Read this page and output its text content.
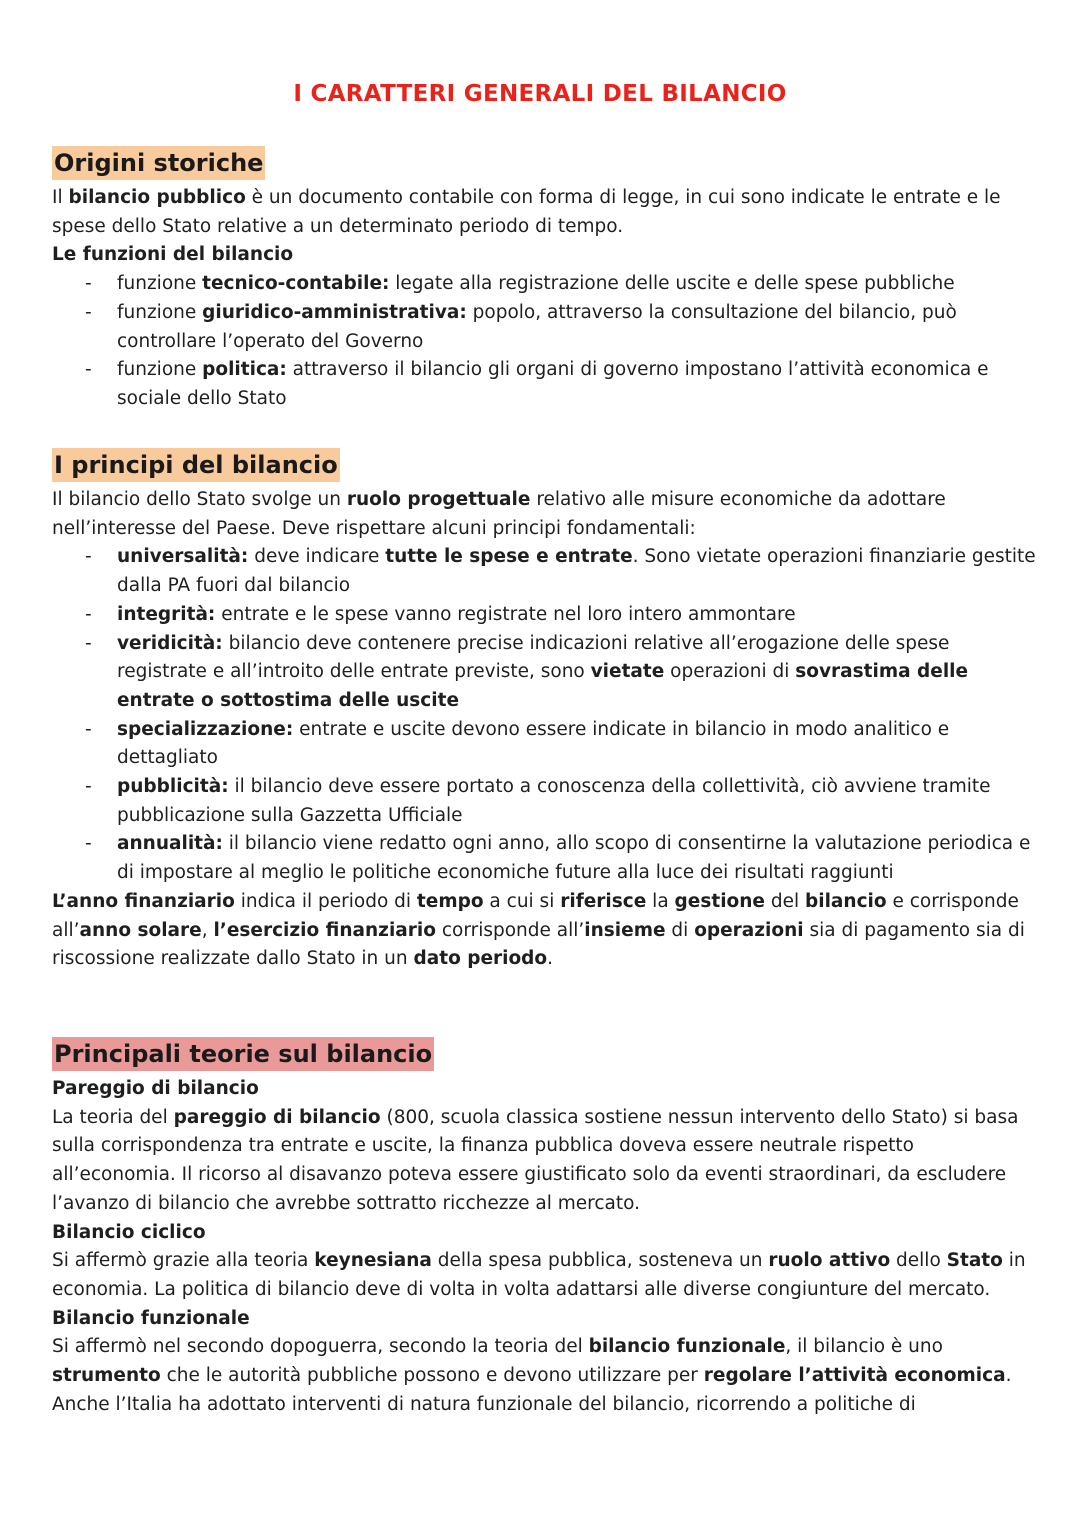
I CARATTERI GENERALI DEL BILANCIO
Origini storiche

Il bilancio pubblico è un documento contabile con forma di legge, in cui sono indicate le entrate e le spese dello Stato relative a un determinato periodo di tempo.

Le funzioni del bilancio

- funzione tecnico-contabile: legate alla registrazione delle uscite e delle spese pubbliche
- funzione giuridico-amministrativa: popolo, attraverso la consultazione del bilancio, può controllare l’operato del Governo
- funzione politica: attraverso il bilancio gli organi di governo impostano l’attività economica e sociale dello Stato
I principi del bilancio

Il bilancio dello Stato svolge un ruolo progettuale relativo alle misure economiche da adottare nell’interesse del Paese. Deve rispettare alcuni principi fondamentali:

- universalità: deve indicare tutte le spese e entrate. Sono vietate operazioni finanziarie gestite dalla PA fuori dal bilancio
- integrità: entrate e le spese vanno registrate nel loro intero ammontare
- veridicità: bilancio deve contenere precise indicazioni relative all’erogazione delle spese registrate e all’introito delle entrate previste, sono vietate operazioni di sovrastima delle entrate o sottostima delle uscite
- specializzazione: entrate e uscite devono essere indicate in bilancio in modo analitico e dettagliato
- pubblicità: il bilancio deve essere portato a conoscenza della collettività, ciò avviene tramite pubblicazione sulla Gazzetta Ufficiale
- annualità: il bilancio viene redatto ogni anno, allo scopo di consentirne la valutazione periodica e di impostare al meglio le politiche economiche future alla luce dei risultati raggiunti

L’anno finanziario indica il periodo di tempo a cui si riferisce la gestione del bilancio e corrisponde all’anno solare, l’esercizio finanziario corrisponde all’insieme di operazioni sia di pagamento sia di riscossione realizzate dallo Stato in un dato periodo.

Principali teorie sul bilancio

Pareggio di bilancio

La teoria del pareggio di bilancio (800, scuola classica sostiene nessun intervento dello Stato) si basa sulla corrispondenza tra entrate e uscite, la finanza pubblica doveva essere neutrale rispetto all’economia. Il ricorso al disavanzo poteva essere giustificato solo da eventi straordinari, da escludere l’avanzo di bilancio che avrebbe sottratto ricchezze al mercato.

Bilancio ciclico

Si affermò grazie alla teoria keynesiana della spesa pubblica, sosteneva un ruolo attivo dello Stato in economia. La politica di bilancio deve di volta in volta adattarsi alle diverse congiunture del mercato.

Bilancio funzionale

Si affermò nel secondo dopoguerra, secondo la teoria del bilancio funzionale, il bilancio è uno strumento che le autorità pubbliche possono e devono utilizzare per regolare l’attività economica. Anche l’Italia ha adottato interventi di natura funzionale del bilancio, ricorrendo a politiche di
